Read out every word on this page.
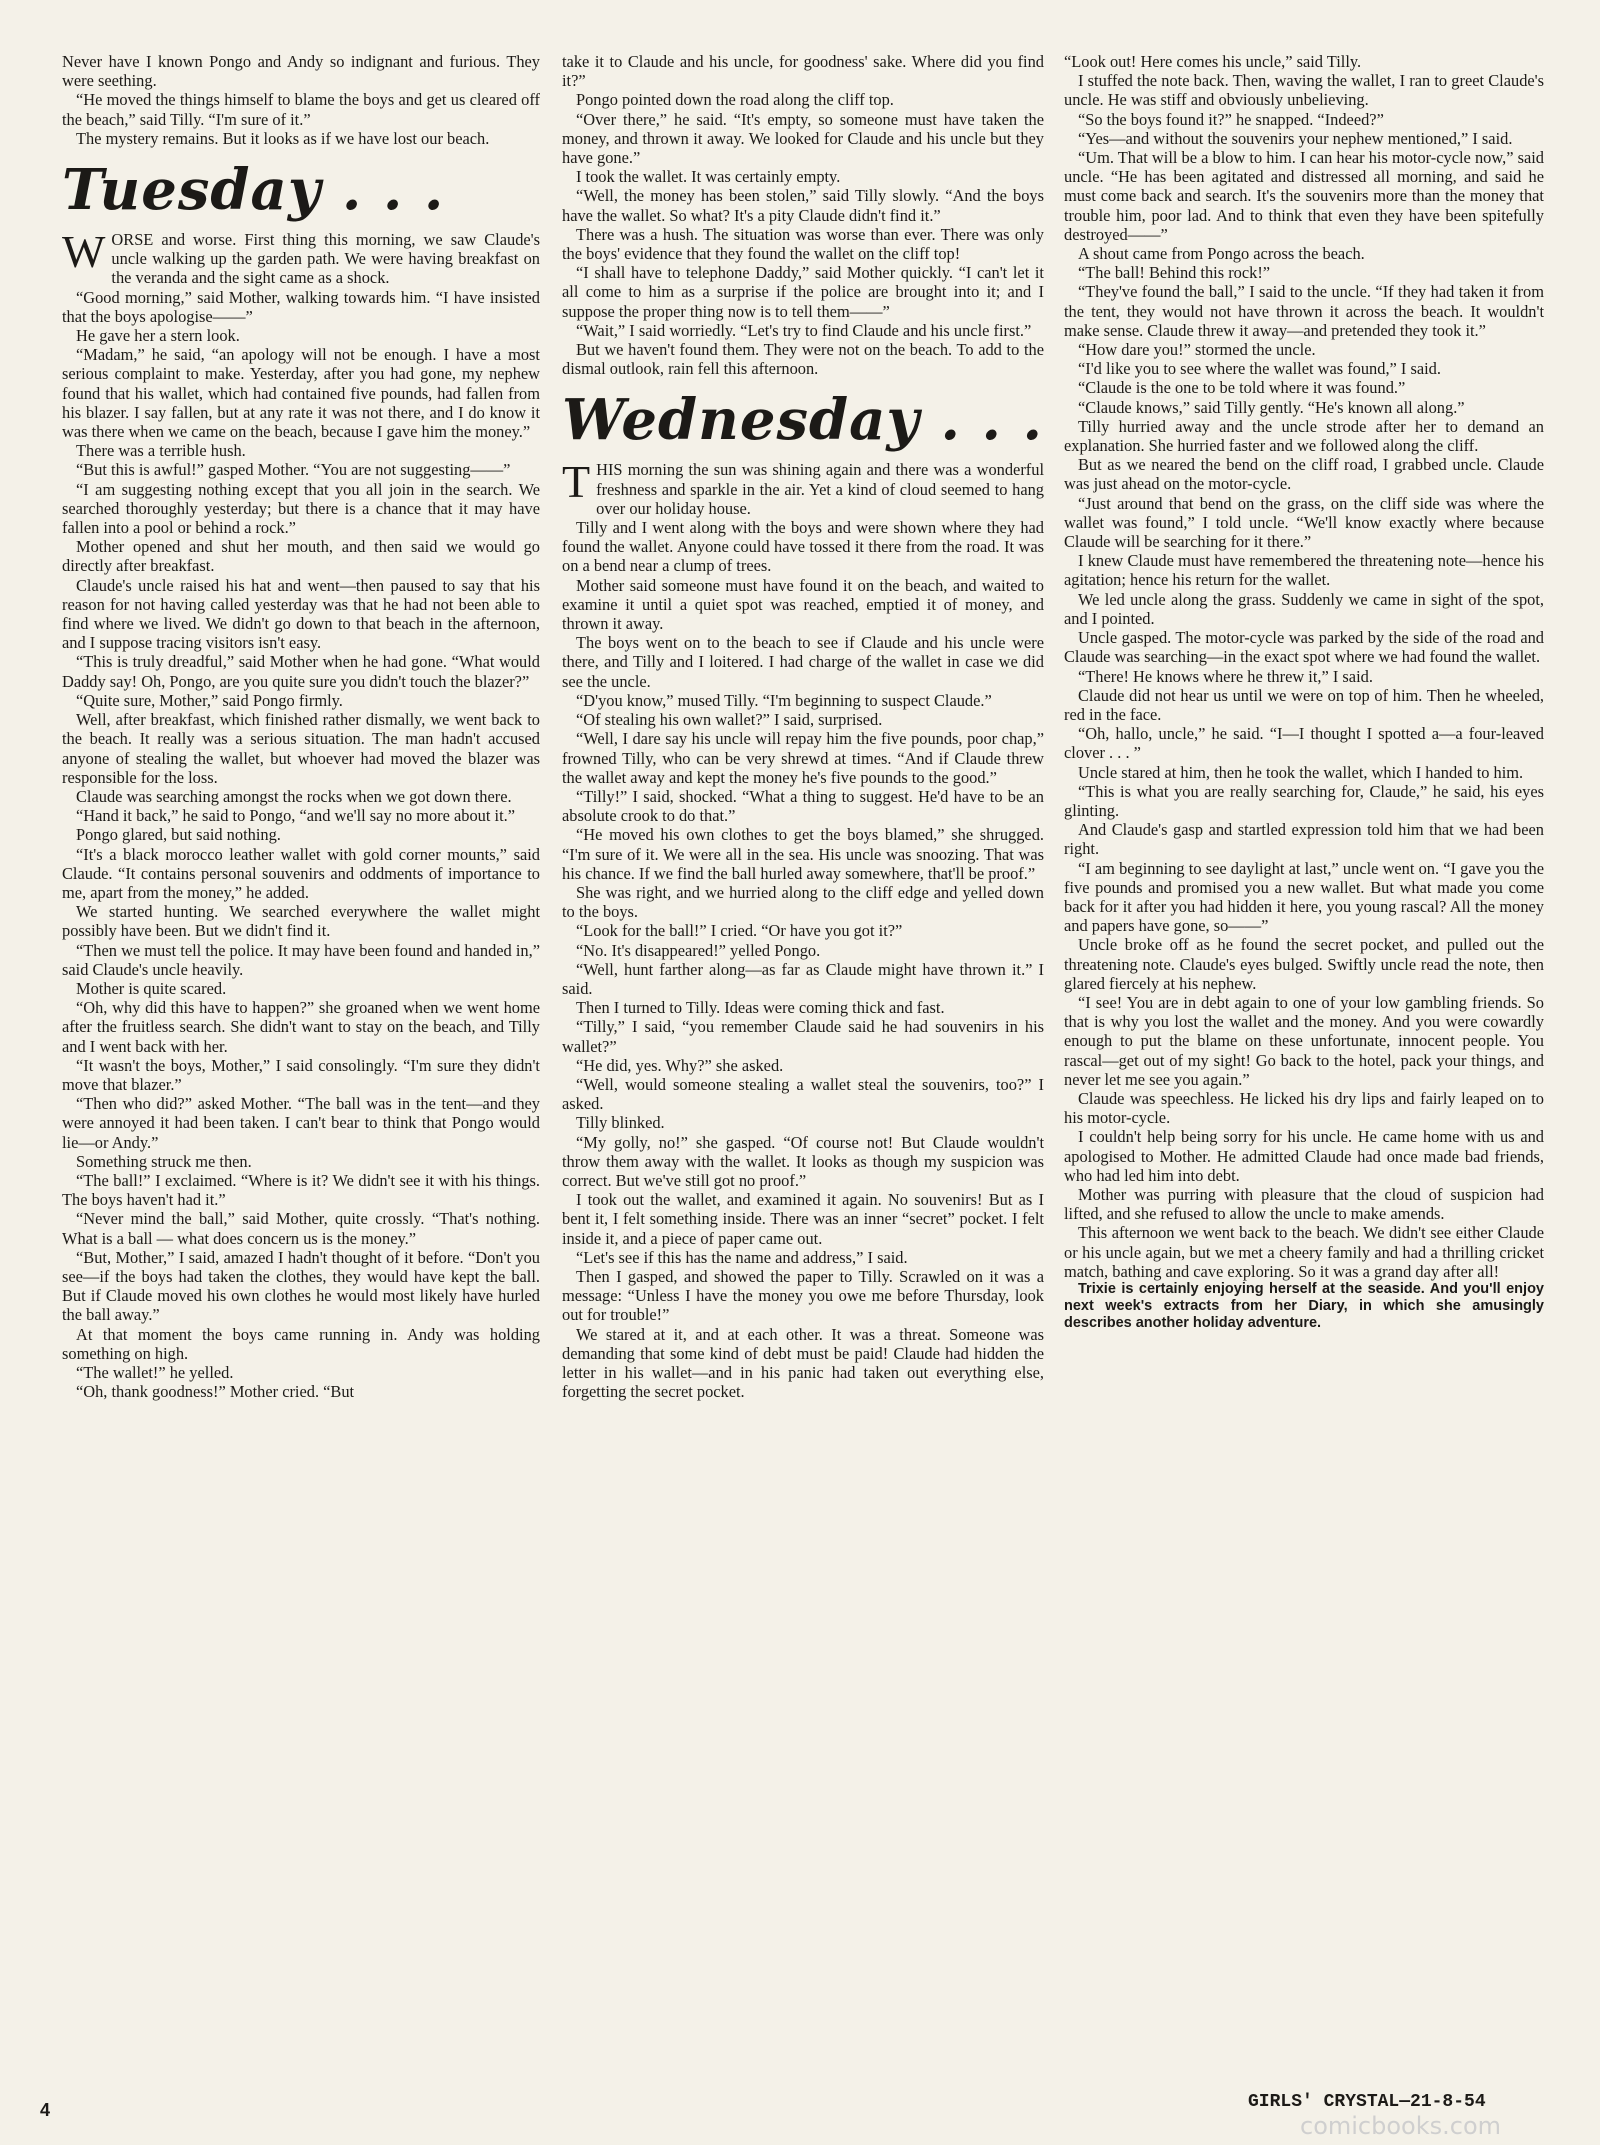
Never have I known Pongo and Andy so indignant and furious. They were seething.

“He moved the things himself to blame the boys and get us cleared off the beach,” said Tilly. “I'm sure of it.”

The mystery remains. But it looks as if we have lost our beach.

Tuesday . . .

WORSE and worse. First thing this morning, we saw Claude's uncle walking up the garden path. We were having breakfast on the veranda and the sight came as a shock.

“Good morning,” said Mother, walking towards him. “I have insisted that the boys apologise——”

He gave her a stern look.

“Madam,” he said, “an apology will not be enough. I have a most serious complaint to make. Yesterday, after you had gone, my nephew found that his wallet, which had contained five pounds, had fallen from his blazer. I say fallen, but at any rate it was not there, and I do know it was there when we came on the beach, because I gave him the money.”

There was a terrible hush.

“But this is awful!” gasped Mother. “You are not suggesting——”

“I am suggesting nothing except that you all join in the search. We searched thoroughly yesterday; but there is a chance that it may have fallen into a pool or behind a rock.”

Mother opened and shut her mouth, and then said we would go directly after breakfast.

Claude's uncle raised his hat and went—then paused to say that his reason for not having called yesterday was that he had not been able to find where we lived. We didn't go down to that beach in the afternoon, and I suppose tracing visitors isn't easy.

“This is truly dreadful,” said Mother when he had gone. “What would Daddy say! Oh, Pongo, are you quite sure you didn't touch the blazer?”

“Quite sure, Mother,” said Pongo firmly.

Well, after breakfast, which finished rather dismally, we went back to the beach. It really was a serious situation. The man hadn't accused anyone of stealing the wallet, but whoever had moved the blazer was responsible for the loss.

Claude was searching amongst the rocks when we got down there.

“Hand it back,” he said to Pongo, “and we'll say no more about it.”

Pongo glared, but said nothing.

“It's a black morocco leather wallet with gold corner mounts,” said Claude. “It contains personal souvenirs and oddments of importance to me, apart from the money,” he added.

We started hunting. We searched everywhere the wallet might possibly have been. But we didn't find it.

“Then we must tell the police. It may have been found and handed in,” said Claude's uncle heavily.

Mother is quite scared.

“Oh, why did this have to happen?” she groaned when we went home after the fruitless search. She didn't want to stay on the beach, and Tilly and I went back with her.

“It wasn't the boys, Mother,” I said consolingly. “I'm sure they didn't move that blazer.”

“Then who did?” asked Mother. “The ball was in the tent—and they were annoyed it had been taken. I can't bear to think that Pongo would lie—or Andy.”

Something struck me then.

“The ball!” I exclaimed. “Where is it? We didn't see it with his things. The boys haven't had it.”

“Never mind the ball,” said Mother, quite crossly. “That's nothing. What is a ball — what does concern us is the money.”

“But, Mother,” I said, amazed I hadn't thought of it before. “Don't you see—if the boys had taken the clothes, they would have kept the ball. But if Claude moved his own clothes he would most likely have hurled the ball away.”

At that moment the boys came running in. Andy was holding something on high.

“The wallet!” he yelled.

“Oh, thank goodness!” Mother cried. “But

take it to Claude and his uncle, for goodness' sake. Where did you find it?”

Pongo pointed down the road along the cliff top.

“Over there,” he said. “It's empty, so someone must have taken the money, and thrown it away. We looked for Claude and his uncle but they have gone.”

I took the wallet. It was certainly empty.

“Well, the money has been stolen,” said Tilly slowly. “And the boys have the wallet. So what? It's a pity Claude didn't find it.”

There was a hush. The situation was worse than ever. There was only the boys' evidence that they found the wallet on the cliff top!

“I shall have to telephone Daddy,” said Mother quickly. “I can't let it all come to him as a surprise if the police are brought into it; and I suppose the proper thing now is to tell them——”

“Wait,” I said worriedly. “Let's try to find Claude and his uncle first.”

But we haven't found them. They were not on the beach. To add to the dismal outlook, rain fell this afternoon.

Wednesday . . .

THIS morning the sun was shining again and there was a wonderful freshness and sparkle in the air. Yet a kind of cloud seemed to hang over our holiday house.

Tilly and I went along with the boys and were shown where they had found the wallet. Anyone could have tossed it there from the road. It was on a bend near a clump of trees.

Mother said someone must have found it on the beach, and waited to examine it until a quiet spot was reached, emptied it of money, and thrown it away.

The boys went on to the beach to see if Claude and his uncle were there, and Tilly and I loitered. I had charge of the wallet in case we did see the uncle.

“D'you know,” mused Tilly. “I'm beginning to suspect Claude.”

“Of stealing his own wallet?” I said, surprised.

“Well, I dare say his uncle will repay him the five pounds, poor chap,” frowned Tilly, who can be very shrewd at times. “And if Claude threw the wallet away and kept the money he's five pounds to the good.”

“Tilly!” I said, shocked. “What a thing to suggest. He'd have to be an absolute crook to do that.”

“He moved his own clothes to get the boys blamed,” she shrugged. “I'm sure of it. We were all in the sea. His uncle was snoozing. That was his chance. If we find the ball hurled away somewhere, that'll be proof.”

She was right, and we hurried along to the cliff edge and yelled down to the boys.

“Look for the ball!” I cried. “Or have you got it?”

“No. It's disappeared!” yelled Pongo.

“Well, hunt farther along—as far as Claude might have thrown it.” I said.

Then I turned to Tilly. Ideas were coming thick and fast.

“Tilly,” I said, “you remember Claude said he had souvenirs in his wallet?”

“He did, yes. Why?” she asked.

“Well, would someone stealing a wallet steal the souvenirs, too?” I asked.

Tilly blinked.

“My golly, no!” she gasped. “Of course not! But Claude wouldn't throw them away with the wallet. It looks as though my suspicion was correct. But we've still got no proof.”

I took out the wallet, and examined it again. No souvenirs! But as I bent it, I felt something inside. There was an inner “secret” pocket. I felt inside it, and a piece of paper came out.

“Let's see if this has the name and address,” I said.

Then I gasped, and showed the paper to Tilly. Scrawled on it was a message: “Unless I have the money you owe me before Thursday, look out for trouble!”

We stared at it, and at each other. It was a threat. Someone was demanding that some kind of debt must be paid! Claude had hidden the letter in his wallet—and in his panic had taken out everything else, forgetting the secret pocket.

“Look out! Here comes his uncle,” said Tilly.

I stuffed the note back. Then, waving the wallet, I ran to greet Claude's uncle. He was stiff and obviously unbelieving.

“So the boys found it?” he snapped. “Indeed?”

“Yes—and without the souvenirs your nephew mentioned,” I said.

“Um. That will be a blow to him. I can hear his motor-cycle now,” said uncle. “He has been agitated and distressed all morning, and said he must come back and search. It's the souvenirs more than the money that trouble him, poor lad. And to think that even they have been spitefully destroyed——”

A shout came from Pongo across the beach.

“The ball! Behind this rock!”

“They've found the ball,” I said to the uncle. “If they had taken it from the tent, they would not have thrown it across the beach. It wouldn't make sense. Claude threw it away—and pretended they took it.”

“How dare you!” stormed the uncle.

“I'd like you to see where the wallet was found,” I said.

“Claude is the one to be told where it was found.”

“Claude knows,” said Tilly gently. “He's known all along.”

Tilly hurried away and the uncle strode after her to demand an explanation. She hurried faster and we followed along the cliff.

But as we neared the bend on the cliff road, I grabbed uncle. Claude was just ahead on the motor-cycle.

“Just around that bend on the grass, on the cliff side was where the wallet was found,” I told uncle. “We'll know exactly where because Claude will be searching for it there.”

I knew Claude must have remembered the threatening note—hence his agitation; hence his return for the wallet.

We led uncle along the grass. Suddenly we came in sight of the spot, and I pointed.

Uncle gasped. The motor-cycle was parked by the side of the road and Claude was searching—in the exact spot where we had found the wallet.

“There! He knows where he threw it,” I said.

Claude did not hear us until we were on top of him. Then he wheeled, red in the face.

“Oh, hallo, uncle,” he said. “I—I thought I spotted a—a four-leaved clover . . . ”

Uncle stared at him, then he took the wallet, which I handed to him.

“This is what you are really searching for, Claude,” he said, his eyes glinting.

And Claude's gasp and startled expression told him that we had been right.

“I am beginning to see daylight at last,” uncle went on. “I gave you the five pounds and promised you a new wallet. But what made you come back for it after you had hidden it here, you young rascal? All the money and papers have gone, so——”

Uncle broke off as he found the secret pocket, and pulled out the threatening note. Claude's eyes bulged. Swiftly uncle read the note, then glared fiercely at his nephew.

“I see! You are in debt again to one of your low gambling friends. So that is why you lost the wallet and the money. And you were cowardly enough to put the blame on these unfortunate, innocent people. You rascal—get out of my sight! Go back to the hotel, pack your things, and never let me see you again.”

Claude was speechless. He licked his dry lips and fairly leaped on to his motor-cycle.

I couldn't help being sorry for his uncle. He came home with us and apologised to Mother. He admitted Claude had once made bad friends, who had led him into debt.

Mother was purring with pleasure that the cloud of suspicion had lifted, and she refused to allow the uncle to make amends.

This afternoon we went back to the beach. We didn't see either Claude or his uncle again, but we met a cheery family and had a thrilling cricket match, bathing and cave exploring. So it was a grand day after all!

Trixie is certainly enjoying herself at the seaside. And you'll enjoy next week's extracts from her Diary, in which she amusingly describes another holiday adventure.

4	GIRLS' CRYSTAL—21-8-54
comicbooks.com
